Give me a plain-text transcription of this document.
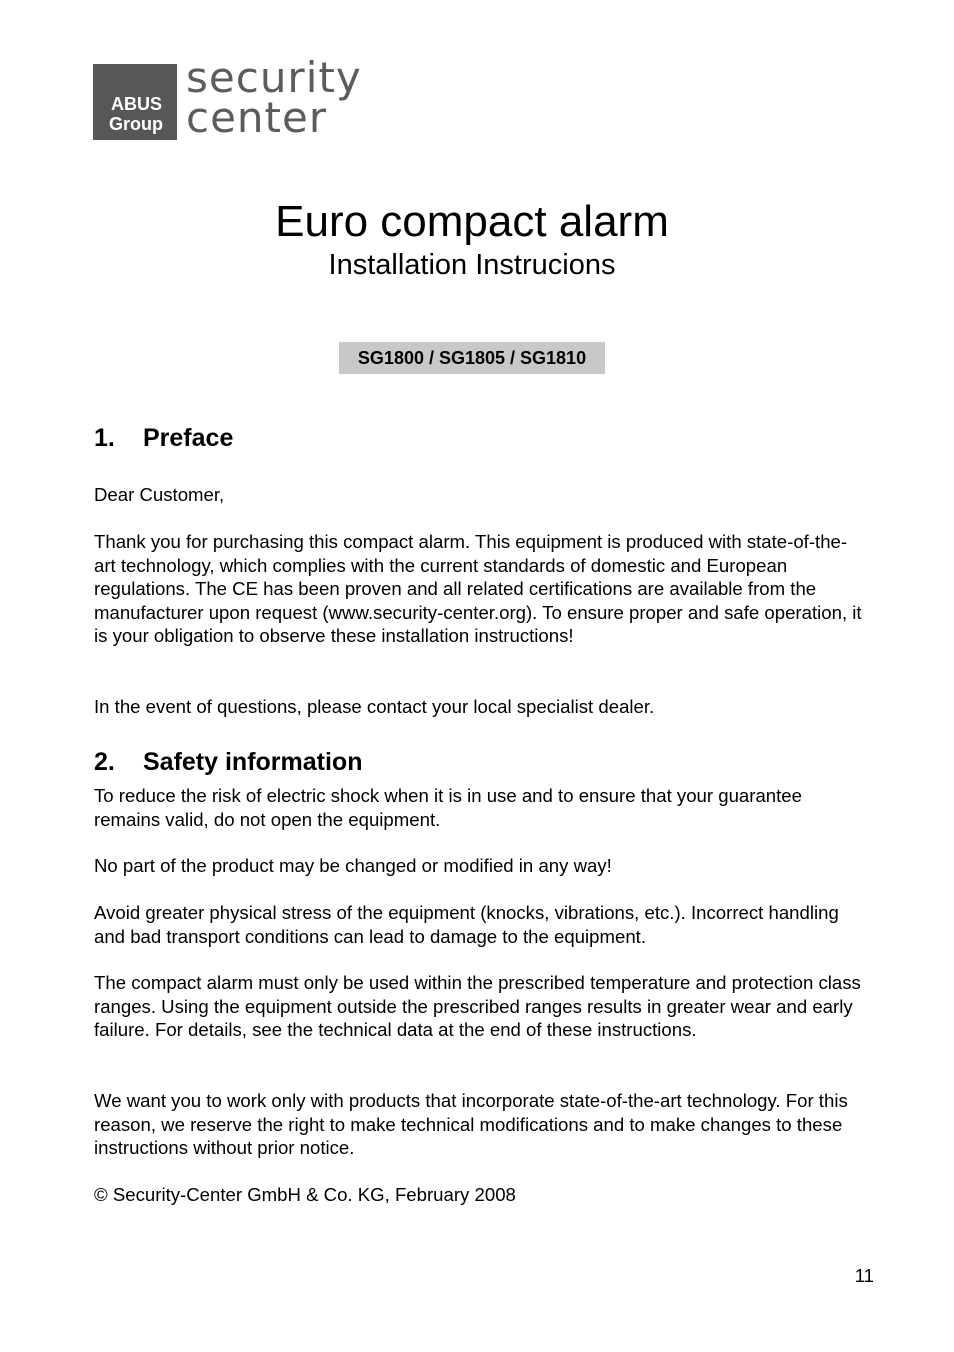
ABUS
Group
security
center
Euro compact alarm
Installation Instrucions
SG1800 / SG1805 / SG1810
1. Preface

Dear Customer,

Thank you for purchasing this compact alarm. This equipment is produced with state-of-the-art technology, which complies with the current standards of domestic and European regulations. The CE has been proven and all related certifications are available from the manufacturer upon request (www.security-center.org). To ensure proper and safe operation, it is your obligation to observe these installation instructions!

In the event of questions, please contact your local specialist dealer.

2. Safety information

To reduce the risk of electric shock when it is in use and to ensure that your guarantee remains valid, do not open the equipment.

No part of the product may be changed or modified in any way!

Avoid greater physical stress of the equipment (knocks, vibrations, etc.). Incorrect handling and bad transport conditions can lead to damage to the equipment.

The compact alarm must only be used within the prescribed temperature and protection class ranges. Using the equipment outside the prescribed ranges results in greater wear and early failure. For details, see the technical data at the end of these instructions.

We want you to work only with products that incorporate state-of-the-art technology. For this reason, we reserve the right to make technical modifications and to make changes to these instructions without prior notice.

© Security-Center GmbH & Co. KG, February 2008

11
